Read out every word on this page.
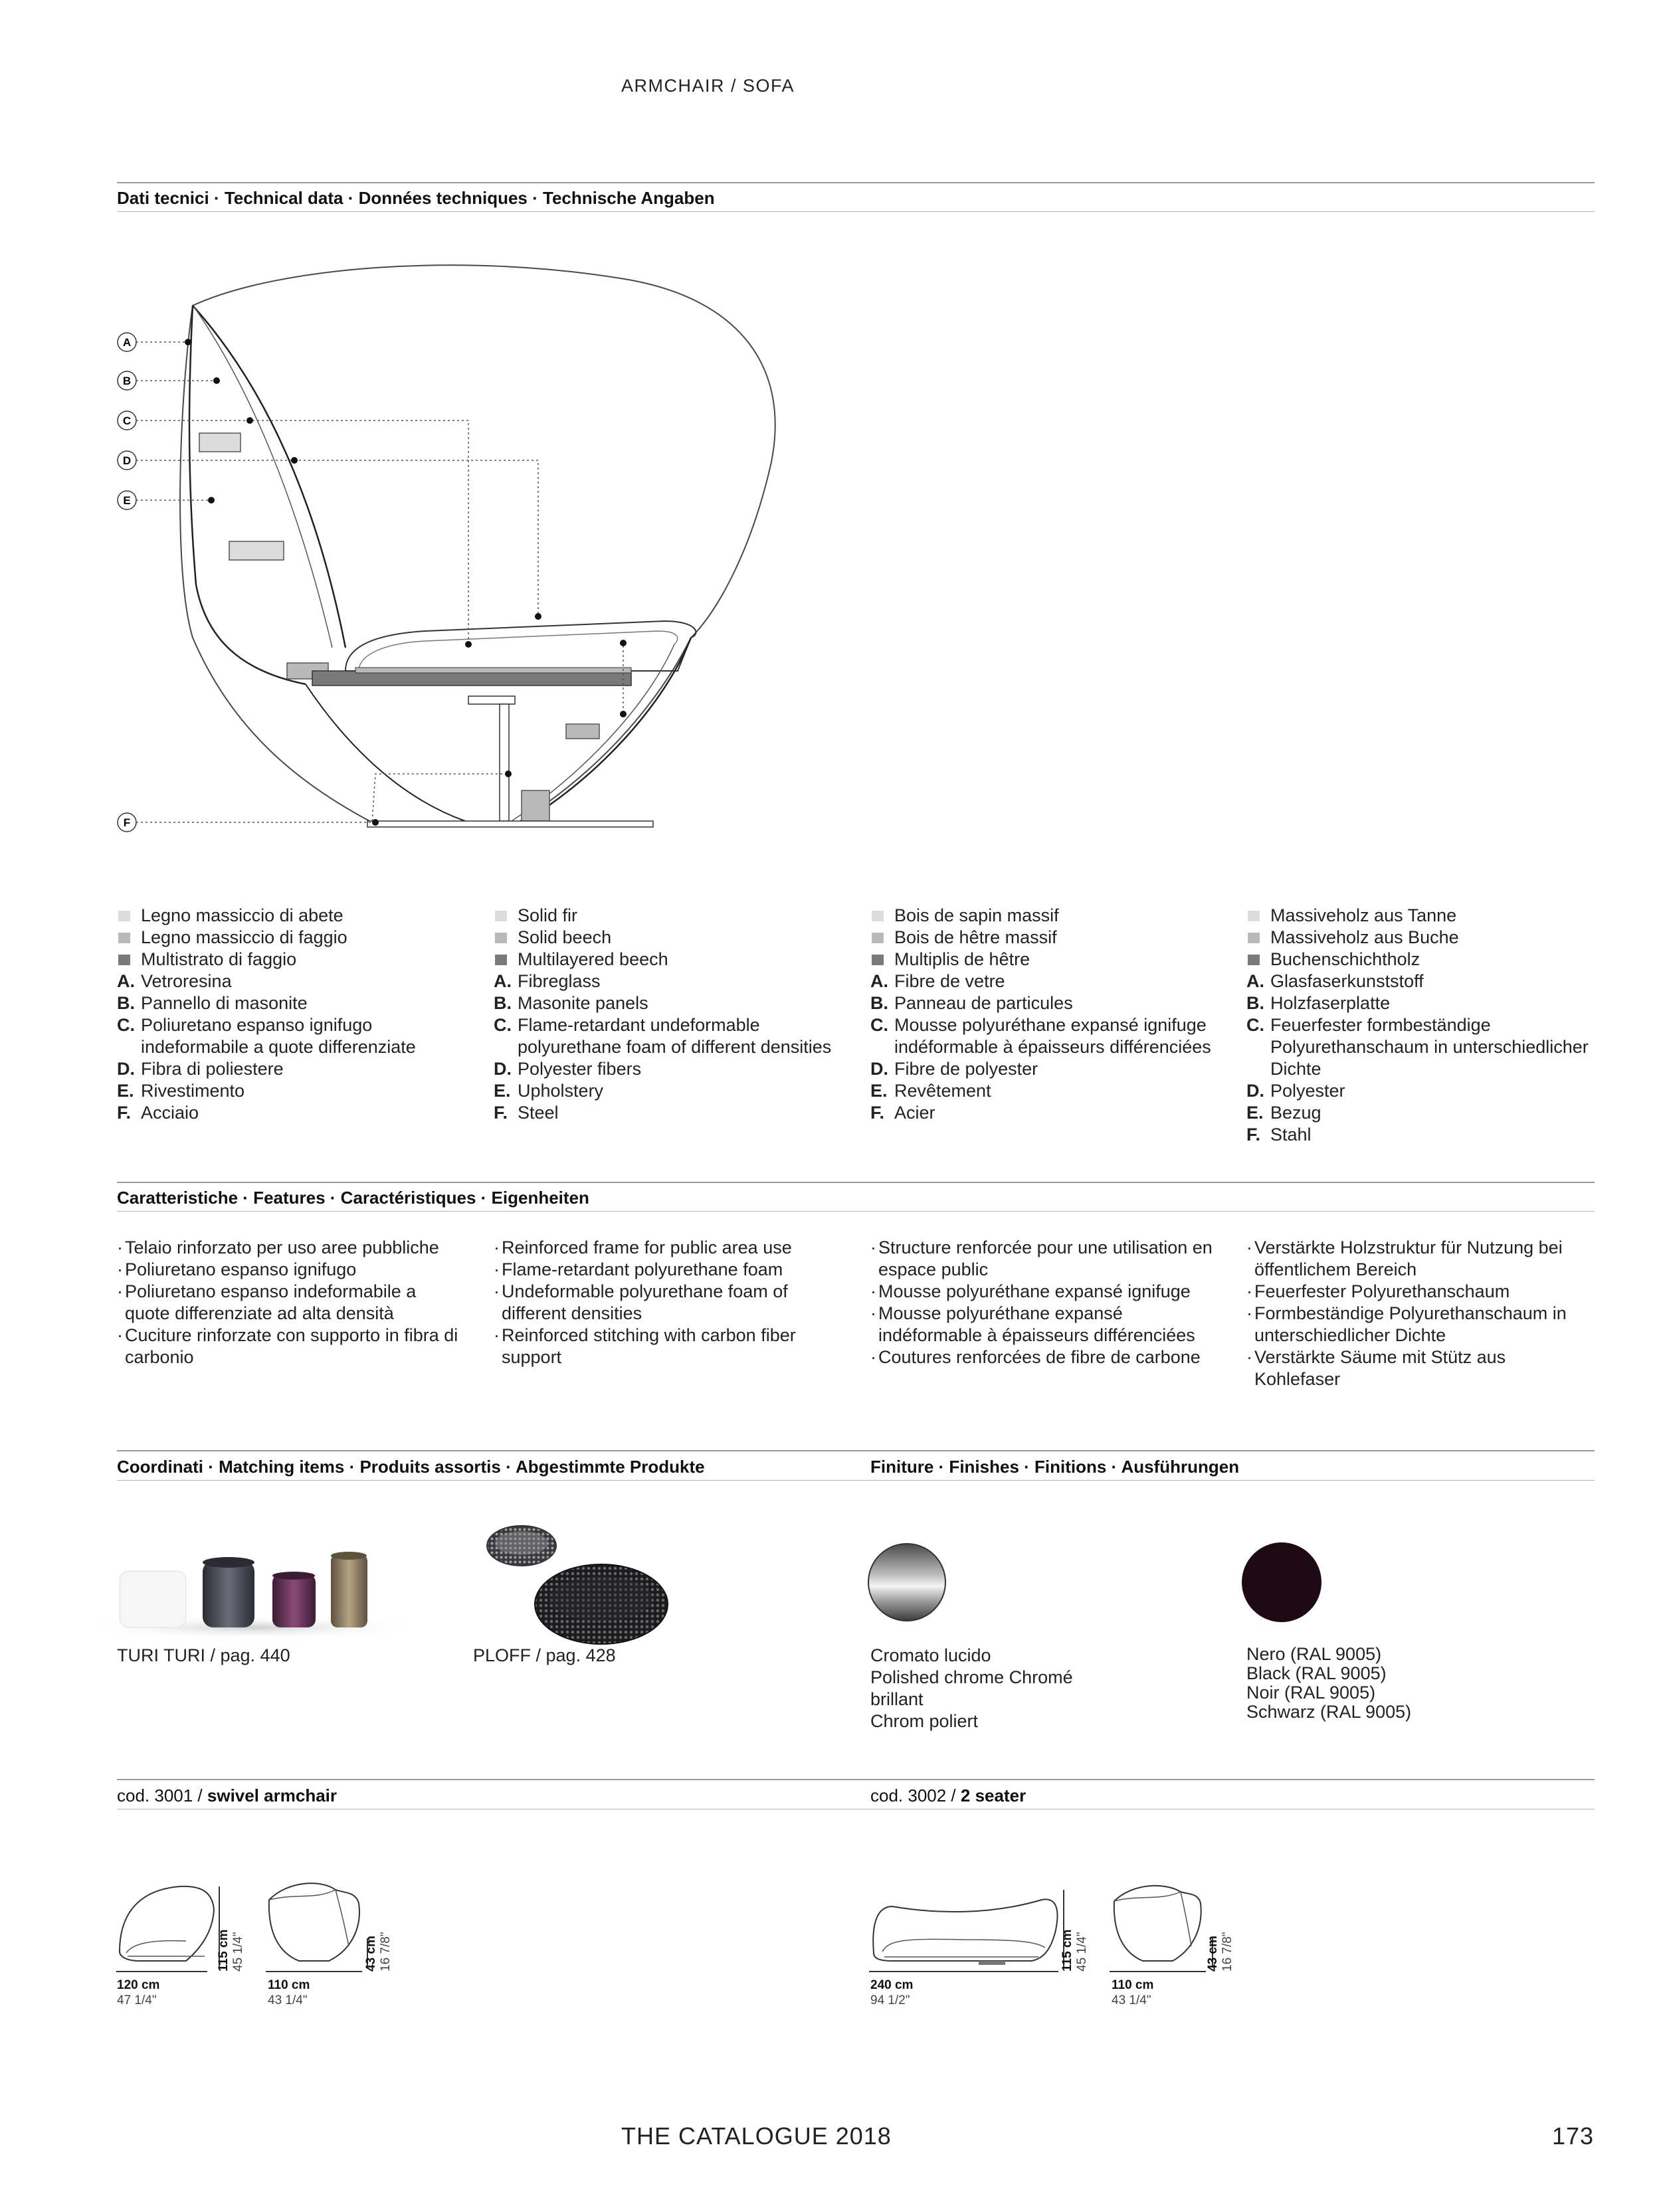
ARMCHAIR / SOFA
Dati tecnici · Technical data · Données techniques · Technische Angaben
A
B
C
D
E
F
Legno massiccio di abete
Legno massiccio di faggio
Multistrato di faggio
A. Vetroresina
B. Pannello di masonite
C. Poliuretano espanso ignifugo indeformabile a quote differenziate
D. Fibra di poliestere
E. Rivestimento
F. Acciaio
Solid fir
Solid beech
Multilayered beech
A. Fibreglass
B. Masonite panels
C. Flame-retardant undeformable polyurethane foam of different densities
D. Polyester fibers
E. Upholstery
F. Steel
Bois de sapin massif
Bois de hêtre massif
Multiplis de hêtre
A. Fibre de vetre
B. Panneau de particules
C. Mousse polyuréthane expansé ignifuge indéformable à épaisseurs différenciées
D. Fibre de polyester
E. Revêtement
F. Acier
Massiveholz aus Tanne
Massiveholz aus Buche
Buchenschichtholz
A. Glasfaserkunststoff
B. Holzfaserplatte
C. Feuerfester formbeständige Polyurethanschaum in unterschiedlicher Dichte
D. Polyester
E. Bezug
F. Stahl
Caratteristiche · Features · Caractéristiques · Eigenheiten
· Telaio rinforzato per uso aree pubbliche
· Poliuretano espanso ignifugo
· Poliuretano espanso indeformabile a quote differenziate ad alta densità
· Cuciture rinforzate con supporto in fibra di carbonio
· Reinforced frame for public area use
· Flame-retardant polyurethane foam
· Undeformable polyurethane foam of different densities
· Reinforced stitching with carbon fiber support
· Structure renforcée pour une utilisation en espace public
· Mousse polyuréthane expansé ignifuge
· Mousse polyuréthane expansé indéformable à épaisseurs différenciées
· Coutures renforcées de fibre de carbone
· Verstärkte Holzstruktur für Nutzung bei öffentlichem Bereich
· Feuerfester Polyurethanschaum
· Formbeständige Polyurethanschaum in unterschiedlicher Dichte
· Verstärkte Säume mit Stütz aus Kohlefaser
Coordinati · Matching items · Produits assortis · Abgestimmte Produkte	Finiture · Finishes · Finitions · Ausführungen
TURI TURI / pag. 440	PLOFF / pag. 428	Cromato lucido
Polished chrome Chromé
brillant
Chrom poliert
Nero (RAL 9005)
Black (RAL 9005)
Noir (RAL 9005)
Schwarz (RAL 9005)
cod. 3001 / swivel armchair	cod. 3002 / 2 seater
120 cm
47 1/4"
115 cm 45 1/4"
110 cm
43 1/4"
43 cm 16 7/8"
240 cm
94 1/2"
115 cm 45 1/4"
110 cm
43 1/4"
43 cm 16 7/8"
THE CATALOGUE 2018	173
